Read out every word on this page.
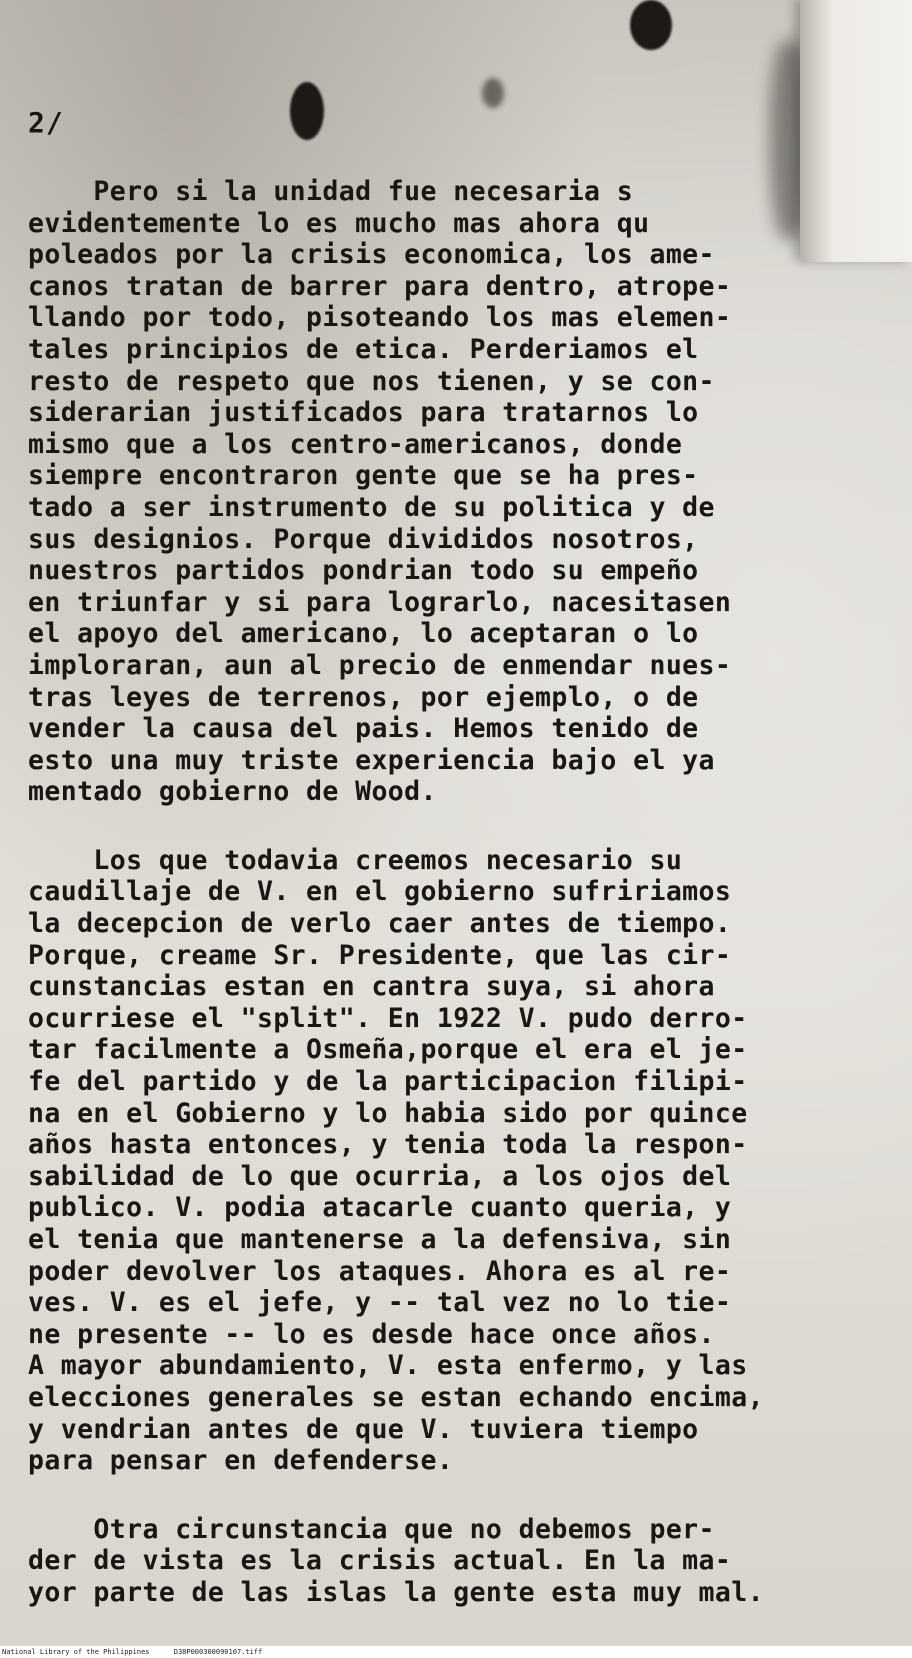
2/
Pero si la unidad fue necesaria s
evidentemente lo es mucho mas ahora qu
poleados por la crisis economica, los ame-
canos tratan de barrer para dentro, atrope-
llando por todo, pisoteando los mas elemen-
tales principios de etica. Perderiamos el
resto de respeto que nos tienen, y se con-
siderarian justificados para tratarnos lo
mismo que a los centro-americanos, donde
siempre encontraron gente que se ha pres-
tado a ser instrumento de su politica y de
sus designios. Porque divididos nosotros,
nuestros partidos pondrian todo su empeño
en triunfar y si para lograrlo, nacesitasen
el apoyo del americano, lo aceptaran o lo
imploraran, aun al precio de enmendar nues-
tras leyes de terrenos, por ejemplo, o de
vender la causa del pais. Hemos tenido de
esto una muy triste experiencia bajo el ya
mentado gobierno de Wood.
Los que todavia creemos necesario su
caudillaje de V. en el gobierno sufririamos
la decepcion de verlo caer antes de tiempo.
Porque, creame Sr. Presidente, que las cir-
cunstancias estan en cantra suya, si ahora
ocurriese el "split". En 1922 V. pudo derro-
tar facilmente a Osmeña,porque el era el je-
fe del partido y de la participacion filipi-
na en el Gobierno y lo habia sido por quince
años hasta entonces, y tenia toda la respon-
sabilidad de lo que ocurria, a los ojos del
publico. V. podia atacarle cuanto queria, y
el tenia que mantenerse a la defensiva, sin
poder devolver los ataques. Ahora es al re-
ves. V. es el jefe, y -- tal vez no lo tie-
ne presente -- lo es desde hace once años.
A mayor abundamiento, V. esta enfermo, y las
elecciones generales se estan echando encima,
y vendrian antes de que V. tuviera tiempo
para pensar en defenderse.
Otra circunstancia que no debemos per-
der de vista es la crisis actual. En la ma-
yor parte de las islas la gente esta muy mal.
National Library of the Philippines	D38P000300090107.tiff
